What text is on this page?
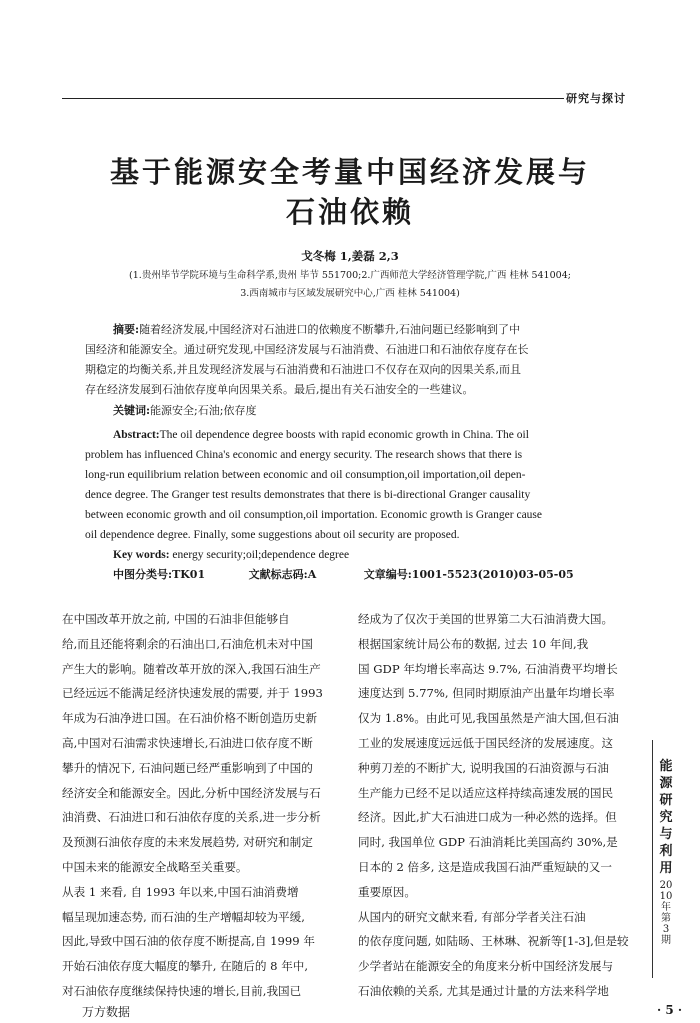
研究与探讨
基于能源安全考量中国经济发展与
石油依赖
戈冬梅 1,姜磊 2,3
(1.贵州毕节学院环境与生命科学系,贵州 毕节 551700;2.广西师范大学经济管理学院,广西 桂林 541004;
3.西南城市与区域发展研究中心,广西 桂林 541004)
摘要:随着经济发展,中国经济对石油进口的依赖度不断攀升,石油问题已经影响到了中
国经济和能源安全。通过研究发现,中国经济发展与石油消费、石油进口和石油依存度存在长
期稳定的均衡关系,并且发现经济发展与石油消费和石油进口不仅存在双向的因果关系,而且
存在经济发展到石油依存度单向因果关系。最后,提出有关石油安全的一些建议。
关键词:能源安全;石油;依存度
Abstract:The oil dependence degree boosts with rapid economic growth in China. The oil
problem has influenced China's economic and energy security. The research shows that there is
long-run equilibrium relation between economic and oil consumption,oil importation,oil depen-
dence degree. The Granger test results demonstrates that there is bi-directional Granger causality
between economic growth and oil consumption,oil importation. Economic growth is Granger cause
oil dependence degree. Finally, some suggestions about oil security are proposed.
Key words: energy security;oil;dependence degree
中图分类号:TK01	文献标志码:A	文章编号:1001-5523(2010)03-05-05
在中国改革开放之前, 中国的石油非但能够自
给,而且还能将剩余的石油出口,石油危机未对中国
产生大的影响。随着改革开放的深入,我国石油生产
已经远远不能满足经济快速发展的需要, 并于 1993
年成为石油净进口国。在石油价格不断创造历史新
高,中国对石油需求快速增长,石油进口依存度不断
攀升的情况下, 石油问题已经严重影响到了中国的
经济安全和能源安全。因此,分析中国经济发展与石
油消费、石油进口和石油依存度的关系,进一步分析
及预测石油依存度的未来发展趋势, 对研究和制定
中国未来的能源安全战略至关重要。
从表 1 来看, 自 1993 年以来,中国石油消费增
幅呈现加速态势, 而石油的生产增幅却较为平缓,
因此,导致中国石油的依存度不断提高,自 1999 年
开始石油依存度大幅度的攀升, 在随后的 8 年中,
对石油依存度继续保持快速的增长,目前,我国已
经成为了仅次于美国的世界第二大石油消费大国。
根据国家统计局公布的数据, 过去 10 年间,我
国 GDP 年均增长率高达 9.7%, 石油消费平均增长
速度达到 5.77%, 但同时期原油产出量年均增长率
仅为 1.8%。由此可见,我国虽然是产油大国,但石油
工业的发展速度远远低于国民经济的发展速度。这
种剪刀差的不断扩大, 说明我国的石油资源与石油
生产能力已经不足以适应这样持续高速发展的国民
经济。因此,扩大石油进口成为一种必然的选择。但
同时, 我国单位 GDP 石油消耗比美国高约 30%,是
日本的 2 倍多, 这是造成我国石油严重短缺的又一
重要原因。
从国内的研究文献来看, 有部分学者关注石油
的依存度问题, 如陆旸、王林琳、祝新等[1-3],但是较
少学者站在能源安全的角度来分析中国经济发展与
石油依赖的关系, 尤其是通过计量的方法来科学地
能
源
研
究
与
利
用
2010年第3期
· 5 ·
万方数据
